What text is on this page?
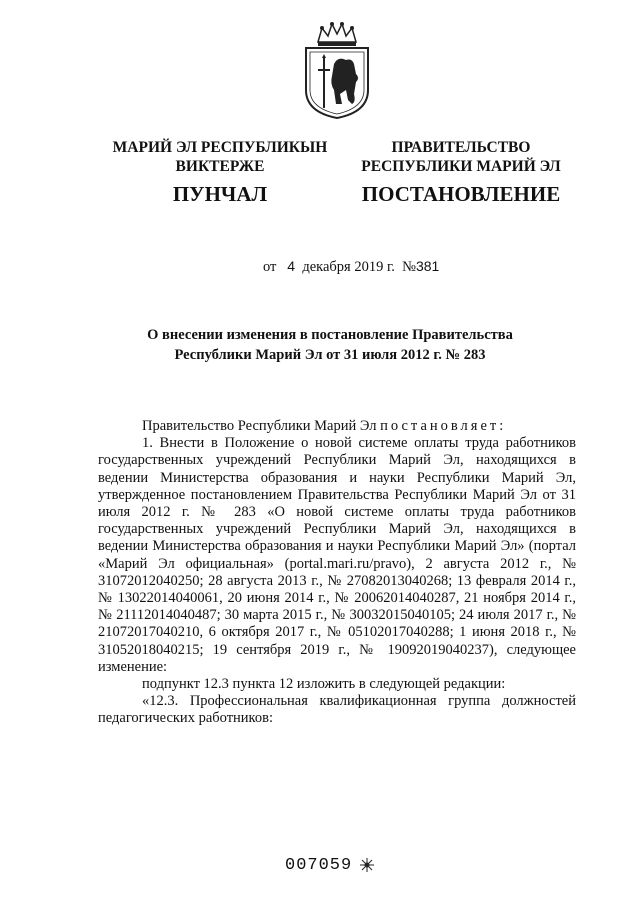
МАРИЙ ЭЛ РЕСПУБЛИКЫН
ВИКТЕРЖЕ
ПУНЧАЛ
ПРАВИТЕЛЬСТВО
РЕСПУБЛИКИ МАРИЙ ЭЛ
ПОСТАНОВЛЕНИЕ
от 4 декабря 2019 г. №381
О внесении изменения в постановление Правительства
Республики Марий Эл от 31 июля 2012 г. № 283

Правительство Республики Марий Эл постановляет:

1. Внести в Положение о новой системе оплаты труда работников государственных учреждений Республики Марий Эл, находящихся в ведении Министерства образования и науки Республики Марий Эл, утвержденное постановлением Правительства Республики Марий Эл от 31 июля 2012 г. № 283 «О новой системе оплаты труда работников государственных учреждений Республики Марий Эл, находящихся в ведении Министерства образования и науки Республики Марий Эл» (портал «Марий Эл официальная» (portal.mari.ru/pravo), 2 августа 2012 г., № 31072012040250; 28 августа 2013 г., № 27082013040268; 13 февраля 2014 г., № 13022014040061, 20 июня 2014 г., № 20062014040287, 21 ноября 2014 г., № 21112014040487; 30 марта 2015 г., № 30032015040105; 24 июля 2017 г., № 21072017040210, 6 октября 2017 г., № 05102017040288; 1 июня 2018 г., № 31052018040215; 19 сентября 2019 г., № 19092019040237), следующее изменение:

подпункт 12.3 пункта 12 изложить в следующей редакции:

«12.3. Профессиональная квалификационная группа должностей педагогических работников:

007059
